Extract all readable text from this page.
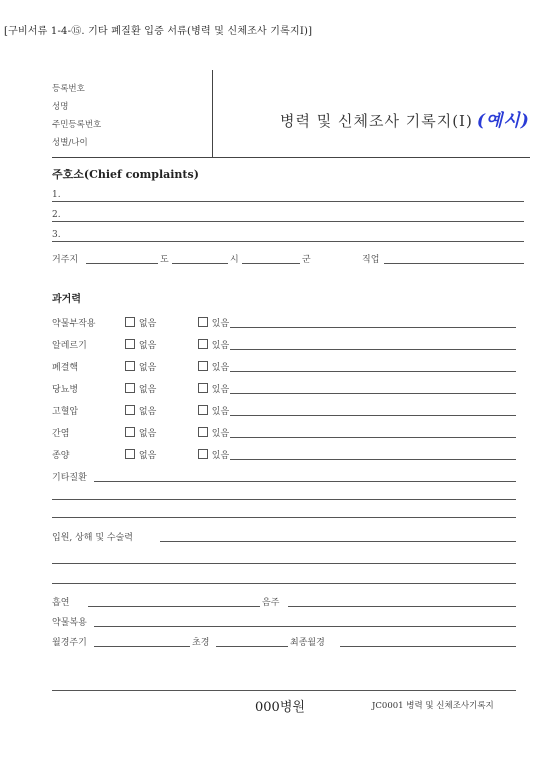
[구비서류 1-4-⑮. 기타 폐질환 입증 서류(병력 및 신체조사 기록지Ⅰ)]
등록번호
성명
주민등록번호
성별/나이
병력 및 신체조사 기록지(Ⅰ) (예시)
주호소(Chief complaints)
1.
2.
3.
거주지	도	시	군	직업
과거력
약물부작용	없음	있음
알레르기	없음	있음
폐결핵	없음	있음
당뇨병	없음	있음
고혈압	없음	있음
간염	없음	있음
종양	없음	있음
기타질환
입원, 상해 및 수술력
흡연	음주
약물복용
월경주기	초경	최종월경
000병원	JC0001 병력 및 신체조사기록지
